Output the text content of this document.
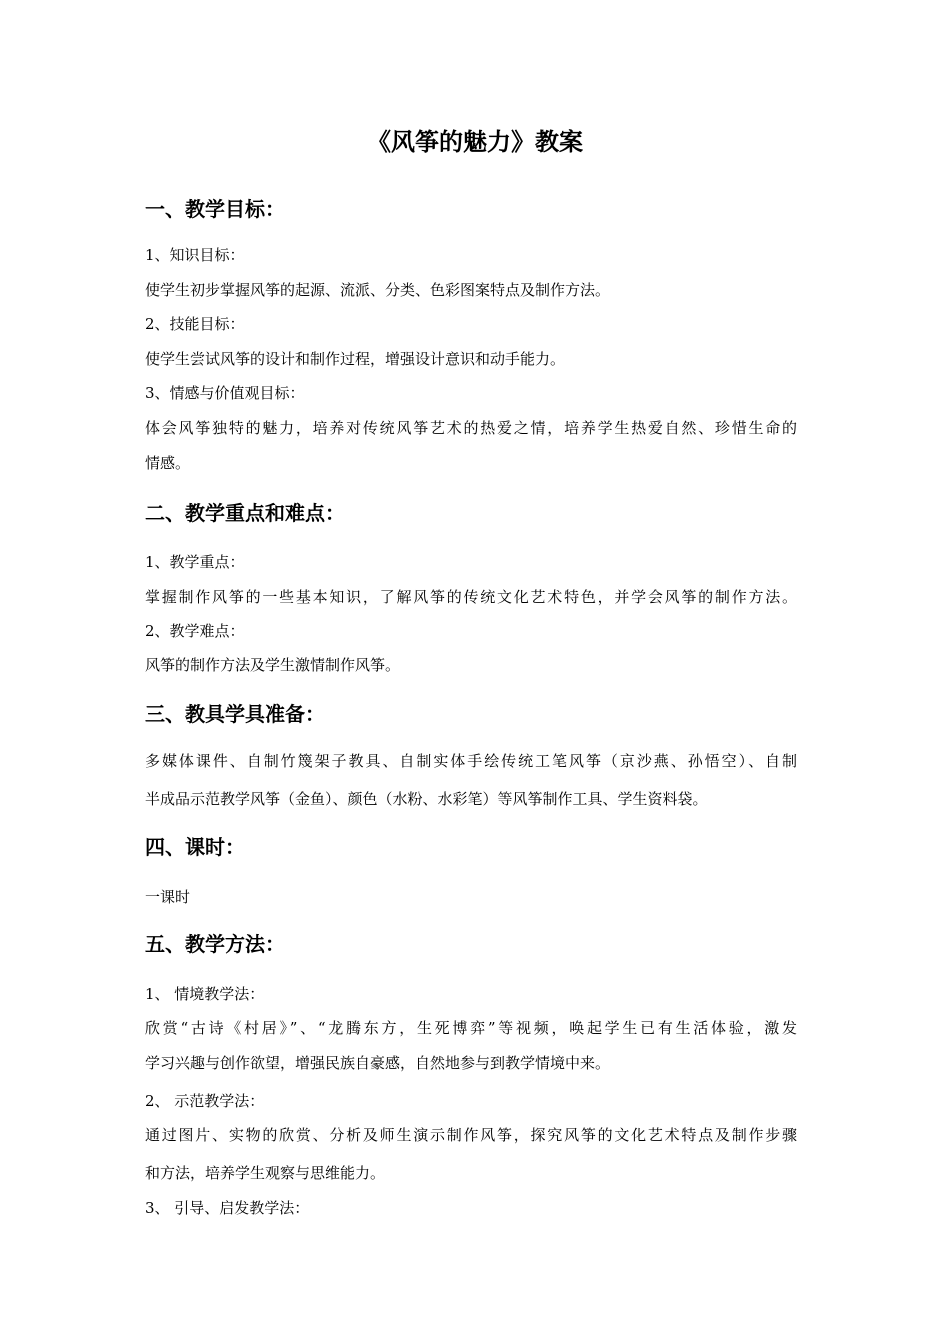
《风筝的魅力》教案
一、教学目标：
1、知识目标：
使学生初步掌握风筝的起源、流派、分类、色彩图案特点及制作方法。
2、技能目标：
使学生尝试风筝的设计和制作过程，增强设计意识和动手能力。
3、情感与价值观目标：
体会风筝独特的魅力，培养对传统风筝艺术的热爱之情，培养学生热爱自然、珍惜生命的
情感。
二、教学重点和难点：
1、教学重点：
掌握制作风筝的一些基本知识，了解风筝的传统文化艺术特色，并学会风筝的制作方法。
2、教学难点：
风筝的制作方法及学生激情制作风筝。
三、教具学具准备：
多媒体课件、自制竹篾架子教具、自制实体手绘传统工笔风筝（京沙燕、孙悟空）、自制
半成品示范教学风筝（金鱼）、颜色（水粉、水彩笔）等风筝制作工具、学生资料袋。
四、课时：
一课时
五、教学方法：
1、 情境教学法：
欣赏“古诗《村居》”、“龙腾东方，生死博弈”等视频，唤起学生已有生活体验，激发
学习兴趣与创作欲望，增强民族自豪感，自然地参与到教学情境中来。
2、 示范教学法：
通过图片、实物的欣赏、分析及师生演示制作风筝，探究风筝的文化艺术特点及制作步骤
和方法，培养学生观察与思维能力。
3、 引导、启发教学法：
